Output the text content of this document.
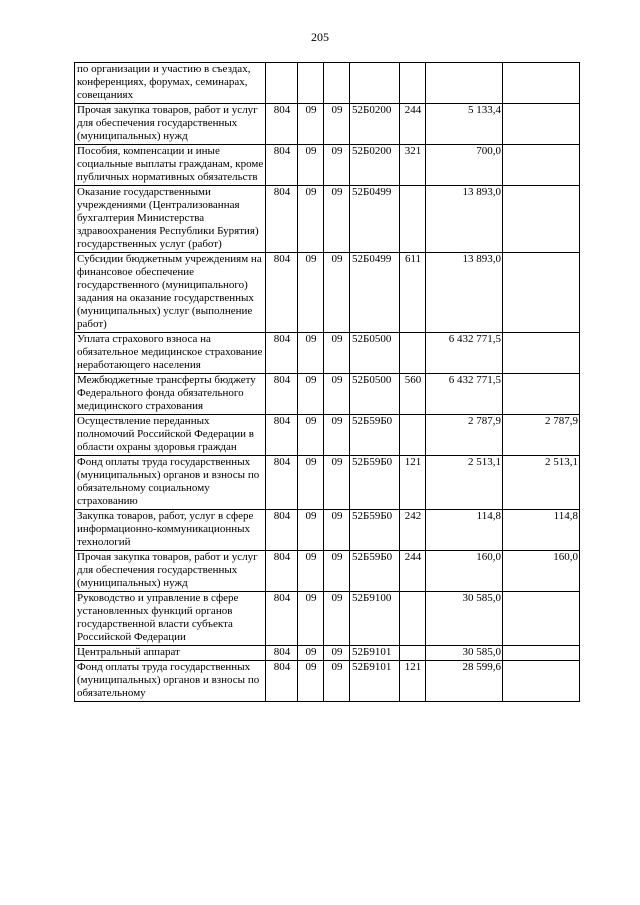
205
по организации и участию в съездах, конференциях, форумах, семинарах, совещаниях							
Прочая закупка товаров, работ и услуг для обеспечения государственных (муниципальных) нужд	804	09	09	52Б0200	244	5 133,4	
Пособия, компенсации и иные социальные выплаты гражданам, кроме публичных нормативных обязательств	804	09	09	52Б0200	321	700,0	
Оказание государственными учреждениями (Централизованная бухгалтерия Министерства здравоохранения Республики Бурятия) государственных услуг (работ)	804	09	09	52Б0499		13 893,0	
Субсидии бюджетным учреждениям на финансовое обеспечение государственного (муниципального) задания на оказание государственных (муниципальных) услуг (выполнение работ)	804	09	09	52Б0499	611	13 893,0	
Уплата страхового взноса на обязательное медицинское страхование неработающего населения	804	09	09	52Б0500		6 432 771,5	
Межбюджетные трансферты бюджету Федерального фонда обязательного медицинского страхования	804	09	09	52Б0500	560	6 432 771,5	
Осуществление переданных полномочий Российской Федерации в области охраны здоровья граждан	804	09	09	52Б59Б0		2 787,9	2 787,9
Фонд оплаты труда государственных (муниципальных) органов и взносы по обязательному социальному страхованию	804	09	09	52Б59Б0	121	2 513,1	2 513,1
Закупка товаров, работ, услуг в сфере информационно-коммуникационных технологий	804	09	09	52Б59Б0	242	114,8	114,8
Прочая закупка товаров, работ и услуг для обеспечения государственных (муниципальных) нужд	804	09	09	52Б59Б0	244	160,0	160,0
Руководство и управление в сфере установленных функций органов государственной власти субъекта Российской Федерации	804	09	09	52Б9100		30 585,0	
Центральный аппарат	804	09	09	52Б9101		30 585,0	
Фонд оплаты труда государственных (муниципальных) органов и взносы по обязательному	804	09	09	52Б9101	121	28 599,6	
